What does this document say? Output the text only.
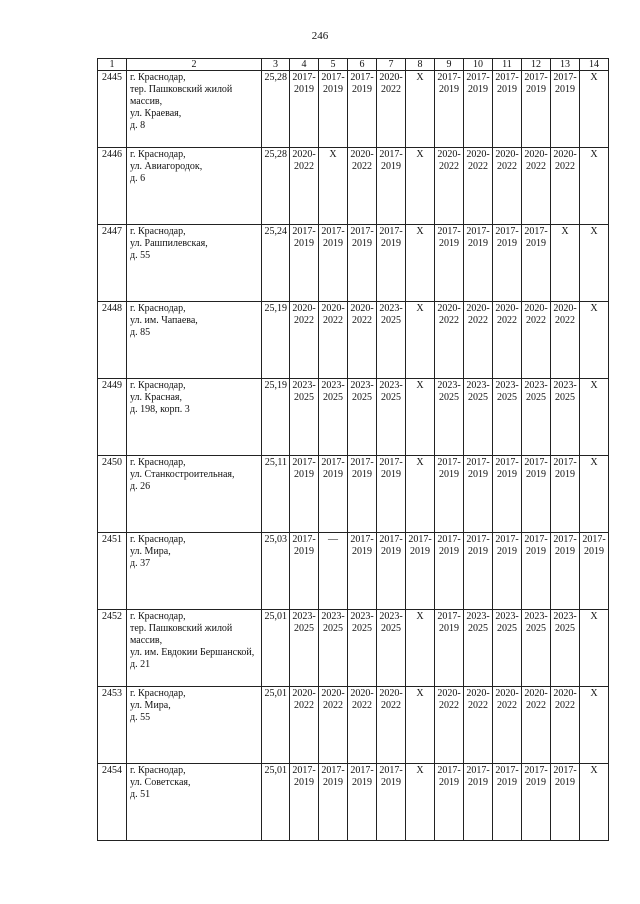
246
1	2	3	4	5	6	7	8	9	10	11	12	13	14
2445	г. Краснодар,
тер. Пашковский жилой массив,
ул. Краевая,
д. 8	25,28	2017-
2019	2017-
2019	2017-
2019	2020-
2022	X	2017-
2019	2017-
2019	2017-
2019	2017-
2019	2017-
2019	X
2446	г. Краснодар,
ул. Авиагородок,
д. 6	25,28	2020-
2022	X	2020-
2022	2017-
2019	X	2020-
2022	2020-
2022	2020-
2022	2020-
2022	2020-
2022	X
2447	г. Краснодар,
ул. Рашпилевская,
д. 55	25,24	2017-
2019	2017-
2019	2017-
2019	2017-
2019	X	2017-
2019	2017-
2019	2017-
2019	2017-
2019	X	X
2448	г. Краснодар,
ул. им. Чапаева,
д. 85	25,19	2020-
2022	2020-
2022	2020-
2022	2023-
2025	X	2020-
2022	2020-
2022	2020-
2022	2020-
2022	2020-
2022	X
2449	г. Краснодар,
ул. Красная,
д. 198, корп. 3	25,19	2023-
2025	2023-
2025	2023-
2025	2023-
2025	X	2023-
2025	2023-
2025	2023-
2025	2023-
2025	2023-
2025	X
2450	г. Краснодар,
ул. Станкостроительная,
д. 26	25,11	2017-
2019	2017-
2019	2017-
2019	2017-
2019	X	2017-
2019	2017-
2019	2017-
2019	2017-
2019	2017-
2019	X
2451	г. Краснодар,
ул. Мира,
д. 37	25,03	2017-
2019	—	2017-
2019	2017-
2019	2017-
2019	2017-
2019	2017-
2019	2017-
2019	2017-
2019	2017-
2019	2017-
2019
2452	г. Краснодар,
тер. Пашковский жилой массив,
ул. им. Евдокии Бершанской,
д. 21	25,01	2023-
2025	2023-
2025	2023-
2025	2023-
2025	X	2017-
2019	2023-
2025	2023-
2025	2023-
2025	2023-
2025	X
2453	г. Краснодар,
ул. Мира,
д. 55	25,01	2020-
2022	2020-
2022	2020-
2022	2020-
2022	X	2020-
2022	2020-
2022	2020-
2022	2020-
2022	2020-
2022	X
2454	г. Краснодар,
ул. Советская,
д. 51	25,01	2017-
2019	2017-
2019	2017-
2019	2017-
2019	X	2017-
2019	2017-
2019	2017-
2019	2017-
2019	2017-
2019	X
